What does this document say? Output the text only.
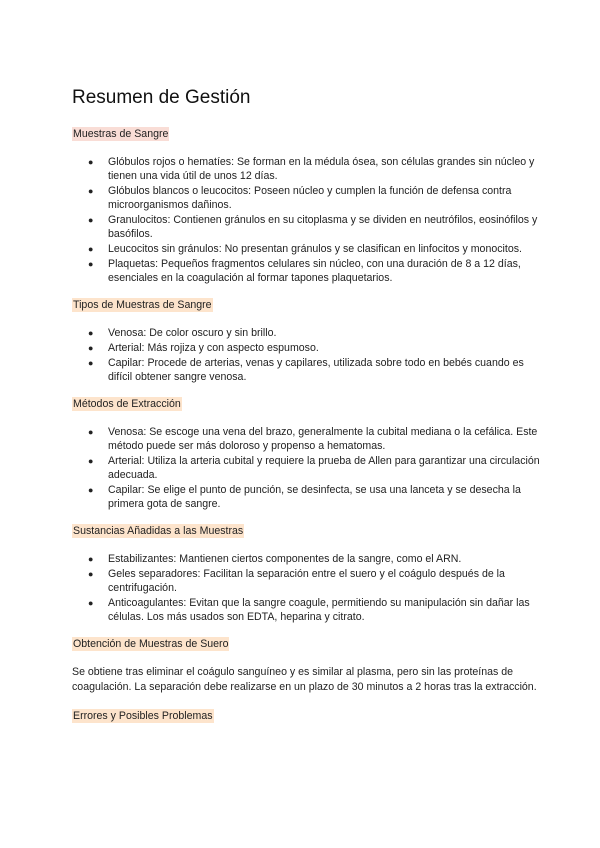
Resumen de Gestión
Muestras de Sangre
●	Glóbulos rojos o hematíes: Se forman en la médula ósea, son células grandes sin núcleo y tienen una vida útil de unos 12 días.
●	Glóbulos blancos o leucocitos: Poseen núcleo y cumplen la función de defensa contra microorganismos dañinos.
●	Granulocitos: Contienen gránulos en su citoplasma y se dividen en neutrófilos, eosinófilos y basófilos.
●	Leucocitos sin gránulos: No presentan gránulos y se clasifican en linfocitos y monocitos.
●	Plaquetas: Pequeños fragmentos celulares sin núcleo, con una duración de 8 a 12 días, esenciales en la coagulación al formar tapones plaquetarios.
Tipos de Muestras de Sangre
●	Venosa: De color oscuro y sin brillo.
●	Arterial: Más rojiza y con aspecto espumoso.
●	Capilar: Procede de arterias, venas y capilares, utilizada sobre todo en bebés cuando es difícil obtener sangre venosa.
Métodos de Extracción
●	Venosa: Se escoge una vena del brazo, generalmente la cubital mediana o la cefálica. Este método puede ser más doloroso y propenso a hematomas.
●	Arterial: Utiliza la arteria cubital y requiere la prueba de Allen para garantizar una circulación adecuada.
●	Capilar: Se elige el punto de punción, se desinfecta, se usa una lanceta y se desecha la primera gota de sangre.
Sustancias Añadidas a las Muestras
●	Estabilizantes: Mantienen ciertos componentes de la sangre, como el ARN.
●	Geles separadores: Facilitan la separación entre el suero y el coágulo después de la centrifugación.
●	Anticoagulantes: Evitan que la sangre coagule, permitiendo su manipulación sin dañar las células. Los más usados son EDTA, heparina y citrato.
Obtención de Muestras de Suero

Se obtiene tras eliminar el coágulo sanguíneo y es similar al plasma, pero sin las proteínas de coagulación. La separación debe realizarse en un plazo de 30 minutos a 2 horas tras la extracción.

Errores y Posibles Problemas
